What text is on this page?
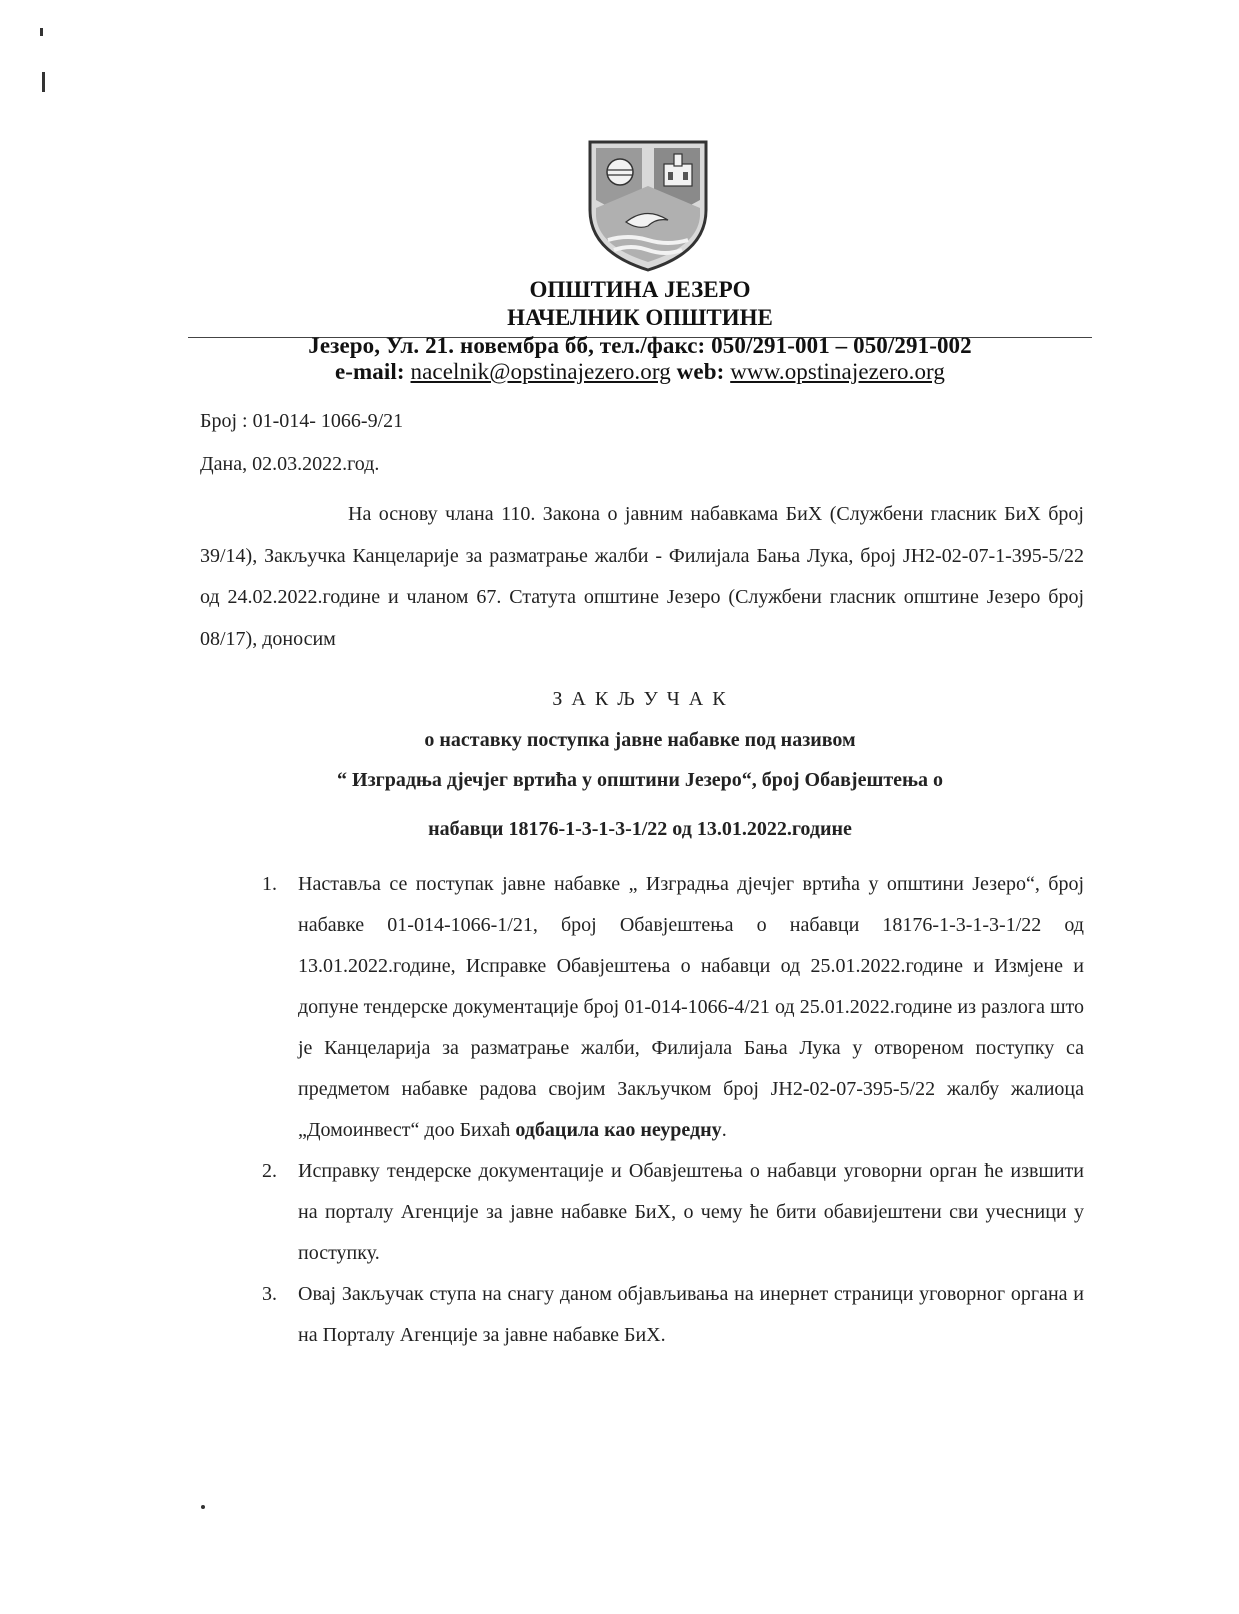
ОПШТИНА ЈЕЗЕРО
НАЧЕЛНИК ОПШТИНЕ
Језеро, Ул. 21. новембра бб, тел./факс: 050/291-001 – 050/291-002
e-mail: nacelnik@opstinajezero.org web: www.opstinajezero.org
Број : 01-014- 1066-9/21
Дана, 02.03.2022.год.

На основу члана 110. Закона о јавним набавкама БиХ (Службени гласник БиХ број 39/14), Закључка Канцеларије за разматрање жалби - Филијала Бања Лука, број ЈН2-02-07-1-395-5/22 од 24.02.2022.године и чланом 67. Статута општине Језеро (Службени гласник општине Језеро број 08/17), доносим

З А К Љ У Ч А К
о наставку поступка јавне набавке под називом
“ Изградња дјечјег вртића у општини Језеро“, број Обавјештења о
набавци 18176-1-3-1-3-1/22 од 13.01.2022.године
1. Наставља се поступак јавне набавке „ Изградња дјечјег вртића у општини Језеро“, број набавке 01-014-1066-1/21, број Обавјештења о набавци 18176-1-3-1-3-1/22 од 13.01.2022.године, Исправке Обавјештења о набавци од 25.01.2022.године и Измјене и допуне тендерске документације број 01-014-1066-4/21 од 25.01.2022.године из разлога што је Канцеларија за разматрање жалби, Филијала Бања Лука у отвореном поступку са предметом набавке радова својим Закључком број ЈН2-02-07-395-5/22 жалбу жалиоца „Домоинвест“ доо Бихаћ одбацила као неуредну.
2. Исправку тендерске документације и Обавјештења о набавци уговорни орган ће извшити на порталу Агенције за јавне набавке БиХ, о чему ће бити обавијештени сви учесници у поступку.
3. Овај Закључак ступа на снагу даном објављивања на инернет страници уговорног органа и на Порталу Агенције за јавне набавке БиХ.
